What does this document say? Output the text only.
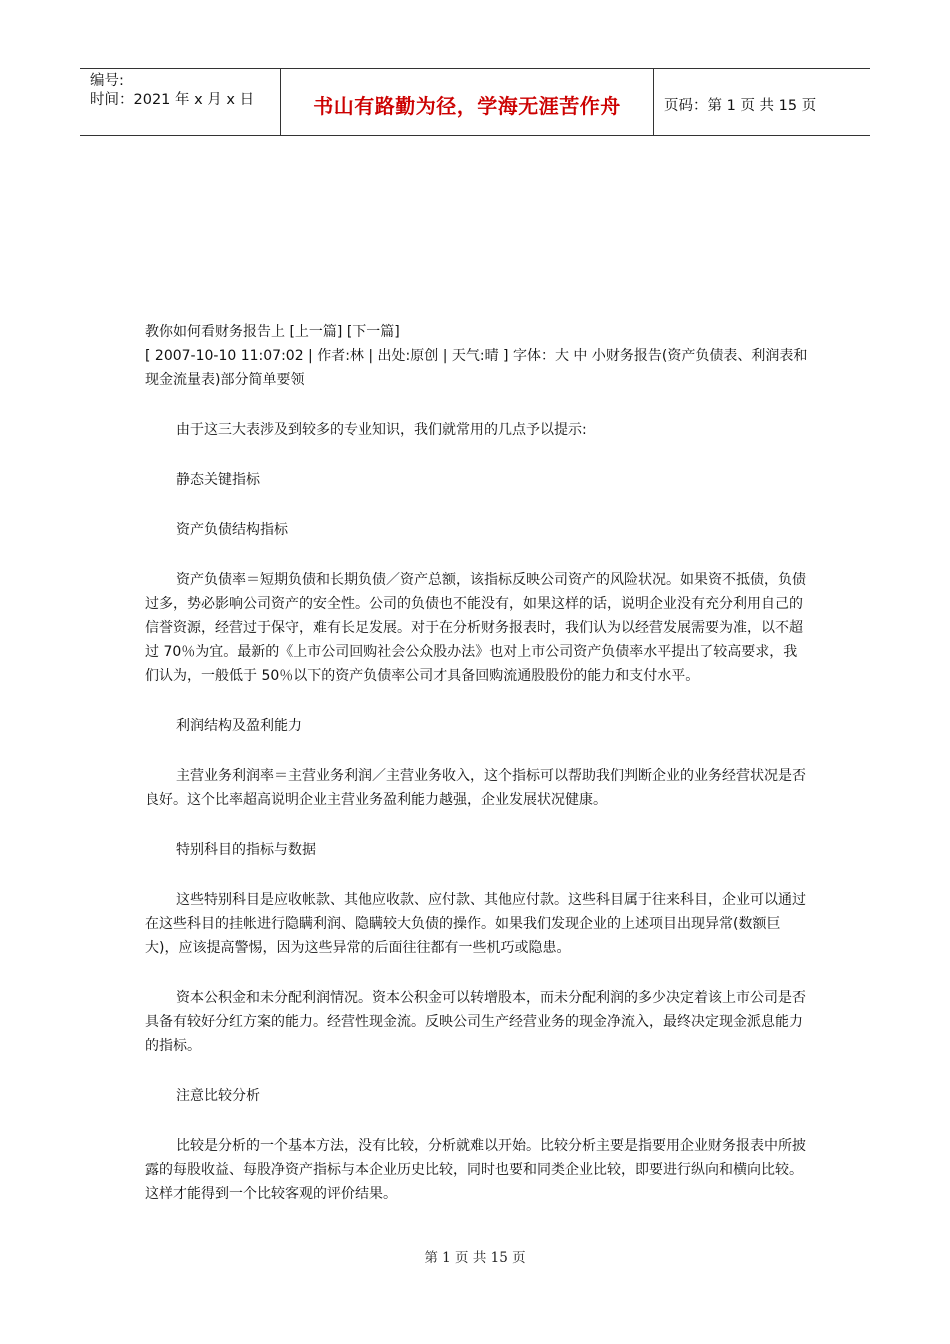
编号:
时间：2021 年 x 月 x 日	书山有路勤为径，学海无涯苦作舟	页码：第 1 页 共 15 页

教你如何看财务报告上 [上一篇] [下一篇]

[ 2007-10-10 11:07:02 | 作者:林 | 出处:原创 | 天气:晴 ] 字体：大 中 小财务报告(资产负债表、利润表和现金流量表)部分简单要领

由于这三大表涉及到较多的专业知识，我们就常用的几点予以提示:

静态关键指标

资产负债结构指标

资产负债率＝短期负债和长期负债／资产总额，该指标反映公司资产的风险状况。如果资不抵债，负债过多，势必影响公司资产的安全性。公司的负债也不能没有，如果这样的话，说明企业没有充分利用自己的信誉资源，经营过于保守，难有长足发展。对于在分析财务报表时，我们认为以经营发展需要为准，以不超过 70％为宜。最新的《上市公司回购社会公众股办法》也对上市公司资产负债率水平提出了较高要求，我们认为，一般低于 50％以下的资产负债率公司才具备回购流通股股份的能力和支付水平。

利润结构及盈利能力

主营业务利润率＝主营业务利润／主营业务收入，这个指标可以帮助我们判断企业的业务经营状况是否良好。这个比率超高说明企业主营业务盈利能力越强，企业发展状况健康。

特别科目的指标与数据

这些特别科目是应收帐款、其他应收款、应付款、其他应付款。这些科目属于往来科目，企业可以通过在这些科目的挂帐进行隐瞒利润、隐瞒较大负债的操作。如果我们发现企业的上述项目出现异常(数额巨大)，应该提高警惕，因为这些异常的后面往往都有一些机巧或隐患。

资本公积金和未分配利润情况。资本公积金可以转增股本，而未分配利润的多少决定着该上市公司是否具备有较好分红方案的能力。经营性现金流。反映公司生产经营业务的现金净流入，最终决定现金派息能力的指标。

注意比较分析

比较是分析的一个基本方法，没有比较，分析就难以开始。比较分析主要是指要用企业财务报表中所披露的每股收益、每股净资产指标与本企业历史比较，同时也要和同类企业比较，即要进行纵向和横向比较。这样才能得到一个比较客观的评价结果。

第 1 页 共 15 页
